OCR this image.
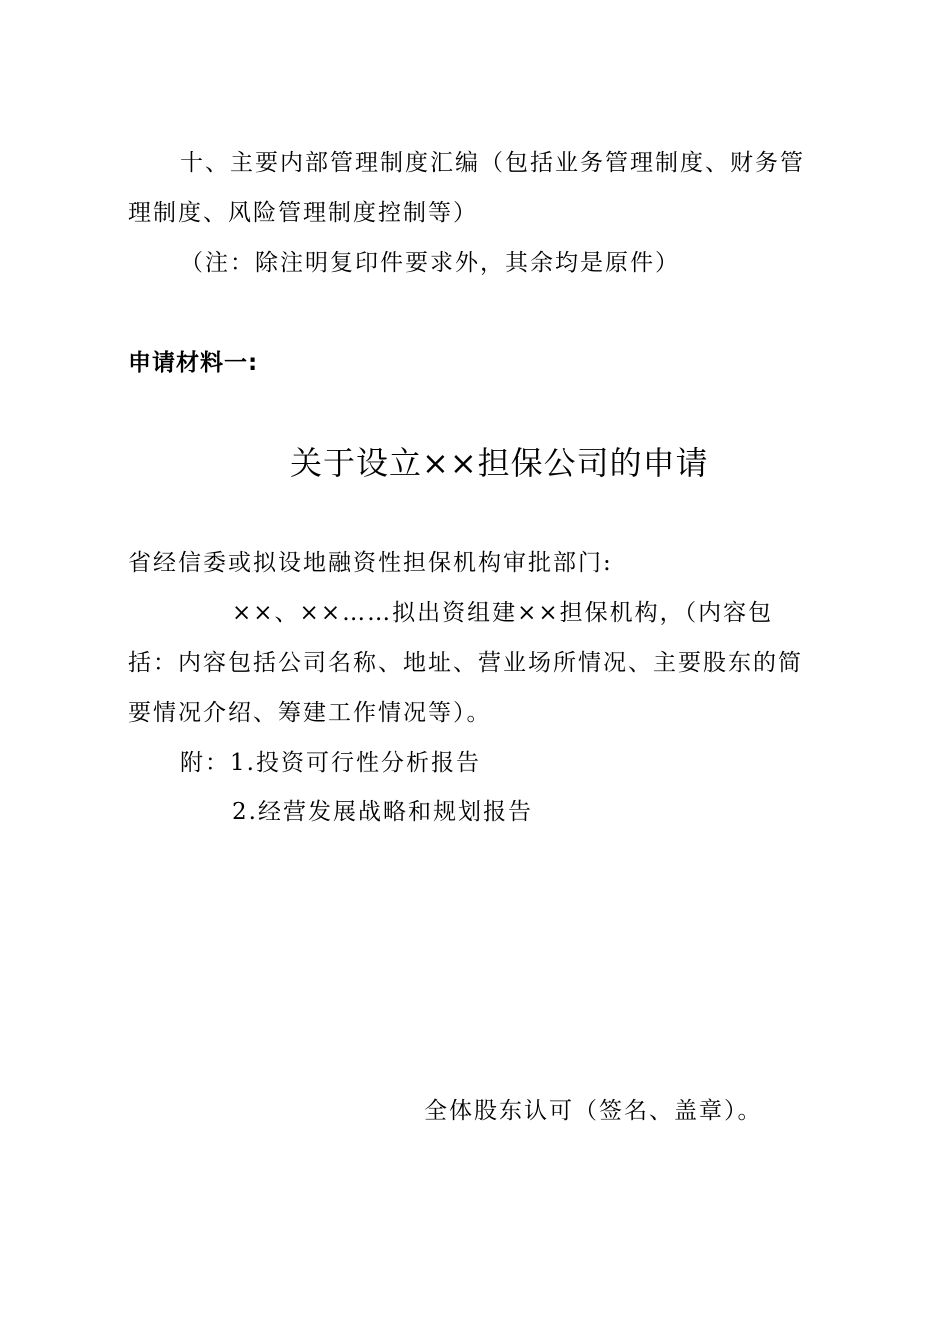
十、主要内部管理制度汇编（包括业务管理制度、财务管
理制度、风险管理制度控制等）
（注：除注明复印件要求外，其余均是原件）
申请材料一:
关于设立××担保公司的申请
省经信委或拟设地融资性担保机构审批部门:
××、××……拟出资组建××担保机构，（内容包
括：内容包括公司名称、地址、营业场所情况、主要股东的简
要情况介绍、筹建工作情况等）。
附：1.投资可行性分析报告
2.经营发展战略和规划报告
全体股东认可（签名、盖章）。
